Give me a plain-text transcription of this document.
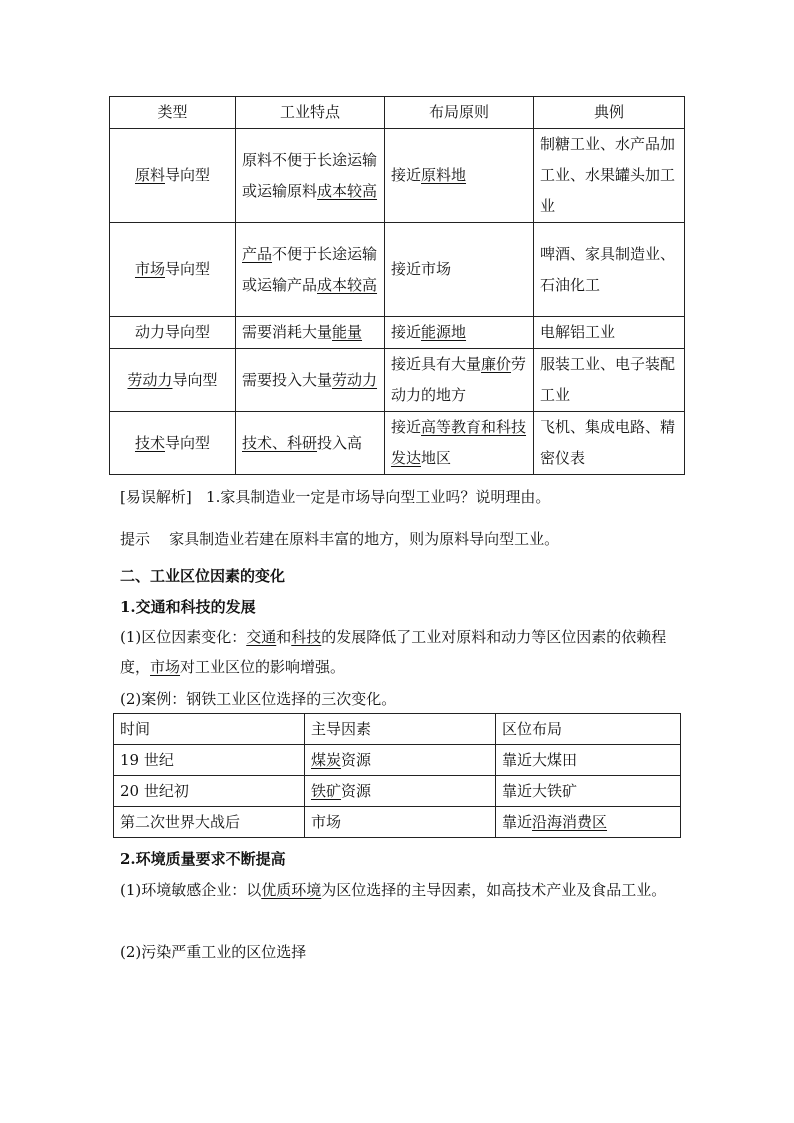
类型	工业特点	布局原则	典例
原料导向型	原料不便于长途运输或运输原料成本较高	接近原料地	制糖工业、水产品加工业、水果罐头加工业
市场导向型	产品不便于长途运输或运输产品成本较高	接近市场	啤酒、家具制造业、石油化工
动力导向型	需要消耗大量能量	接近能源地	电解铝工业
劳动力导向型	需要投入大量劳动力	接近具有大量廉价劳动力的地方	服装工业、电子装配工业
技术导向型	技术、科研投入高	接近高等教育和科技发达地区	飞机、集成电路、精密仪表
[易误解析] 1.家具制造业一定是市场导向型工业吗？说明理由。
提示 家具制造业若建在原料丰富的地方，则为原料导向型工业。
二、工业区位因素的变化
1.交通和科技的发展
(1)区位因素变化：交通和科技的发展降低了工业对原料和动力等区位因素的依赖程度，市场对工业区位的影响增强。
(2)案例：钢铁工业区位选择的三次变化。
时间	主导因素	区位布局
19 世纪	煤炭资源	靠近大煤田
20 世纪初	铁矿资源	靠近大铁矿
第二次世界大战后	市场	靠近沿海消费区
2.环境质量要求不断提高
(1)环境敏感企业：以优质环境为区位选择的主导因素，如高技术产业及食品工业。
(2)污染严重工业的区位选择
